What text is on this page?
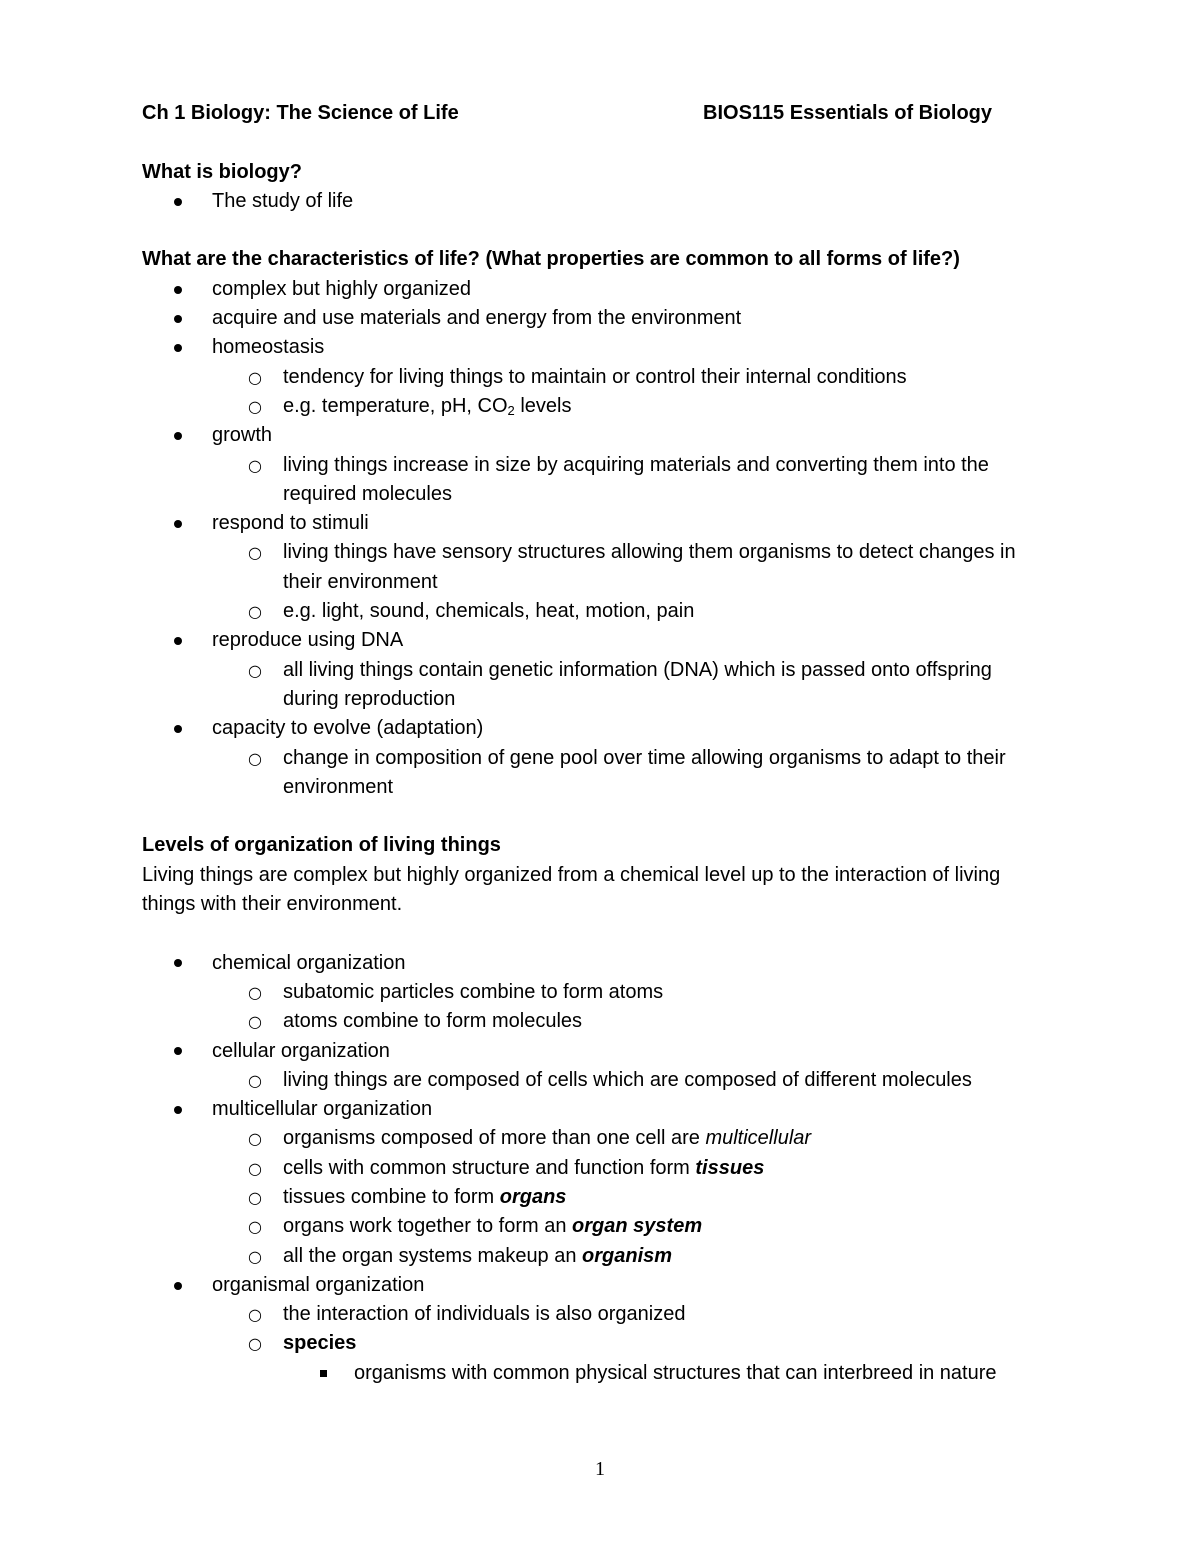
Ch 1 Biology: The Science of Life	BIOS115 Essentials of Biology
What is biology?
The study of life
What are the characteristics of life? (What properties are common to all forms of life?)
complex but highly organized
acquire and use materials and energy from the environment
homeostasis
○ tendency for living things to maintain or control their internal conditions
○ e.g. temperature, pH, $CO_2$ levels
growth
○ living things increase in size by acquiring materials and converting them into the
required molecules
respond to stimuli
○ living things have sensory structures allowing them organisms to detect changes in
their environment
○ e.g. light, sound, chemicals, heat, motion, pain
reproduce using DNA
○ all living things contain genetic information (DNA) which is passed onto offspring
during reproduction
capacity to evolve (adaptation)
○ change in composition of gene pool over time allowing organisms to adapt to their
environment
Levels of organization of living things
Living things are complex but highly organized from a chemical level up to the interaction of living
things with their environment.
chemical organization
○ subatomic particles combine to form atoms
○ atoms combine to form molecules
cellular organization
○ living things are composed of cells which are composed of different molecules
multicellular organization
○ organisms composed of more than one cell are multicellular
○ cells with common structure and function form tissues
○ tissues combine to form organs
○ organs work together to form an organ system
○ all the organ systems makeup an organism
organismal organization
○ the interaction of individuals is also organized
○ species
organisms with common physical structures that can interbreed in nature
1
